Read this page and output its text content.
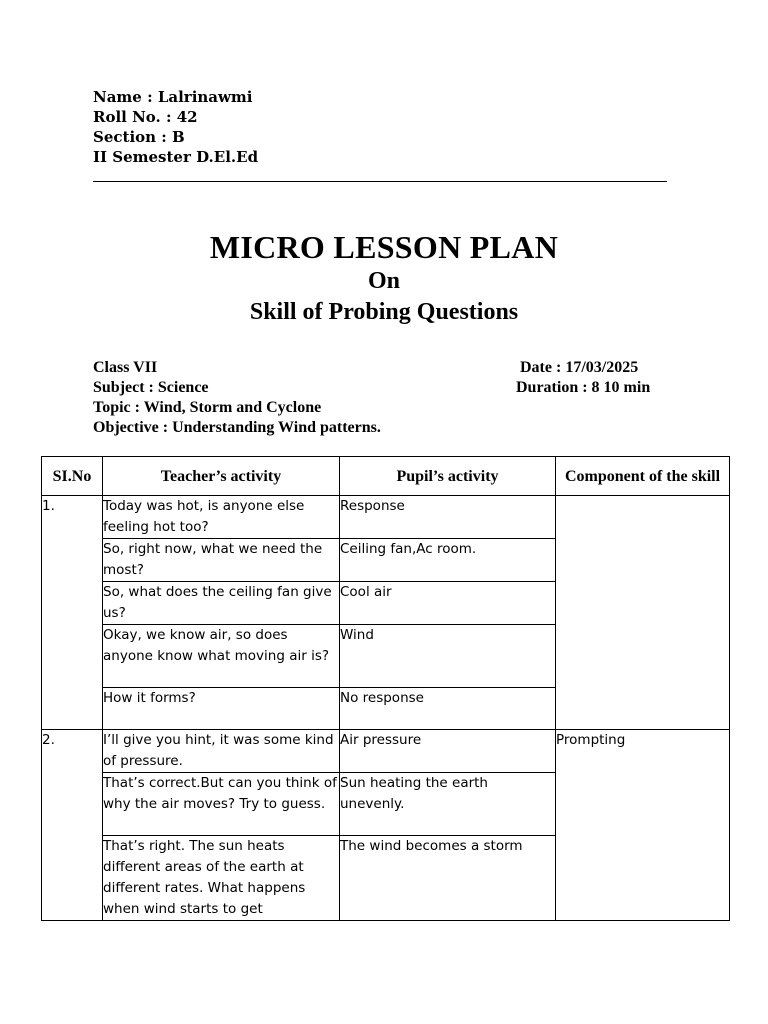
Name : Lalrinawmi
Roll No. : 42
Section : B
II Semester D.El.Ed
MICRO LESSON PLAN
On
Skill of Probing Questions
Class VII
Subject : Science
Topic : Wind, Storm and Cyclone
Objective : Understanding Wind patterns.
Date : 17/03/2025
Duration : 8 10 min
SI.No	Teacher’s activity	Pupil’s activity	Component of the skill
1.	Today was hot, is anyone else feeling hot too?	Response	
	So, right now, what we need the most?	Ceiling fan,Ac room.	
	So, what does the ceiling fan give us?	Cool air	
	Okay, we know air, so does anyone know what moving air is?	Wind	
	How it forms?	No response	
2.	I’ll give you hint, it was some kind of pressure.	Air pressure	Prompting
	That’s correct.But can you think of why the air moves? Try to guess.	Sun heating the earth unevenly.	
	That’s right. The sun heats different areas of the earth at different rates. What happens when wind starts to get	The wind becomes a storm	
